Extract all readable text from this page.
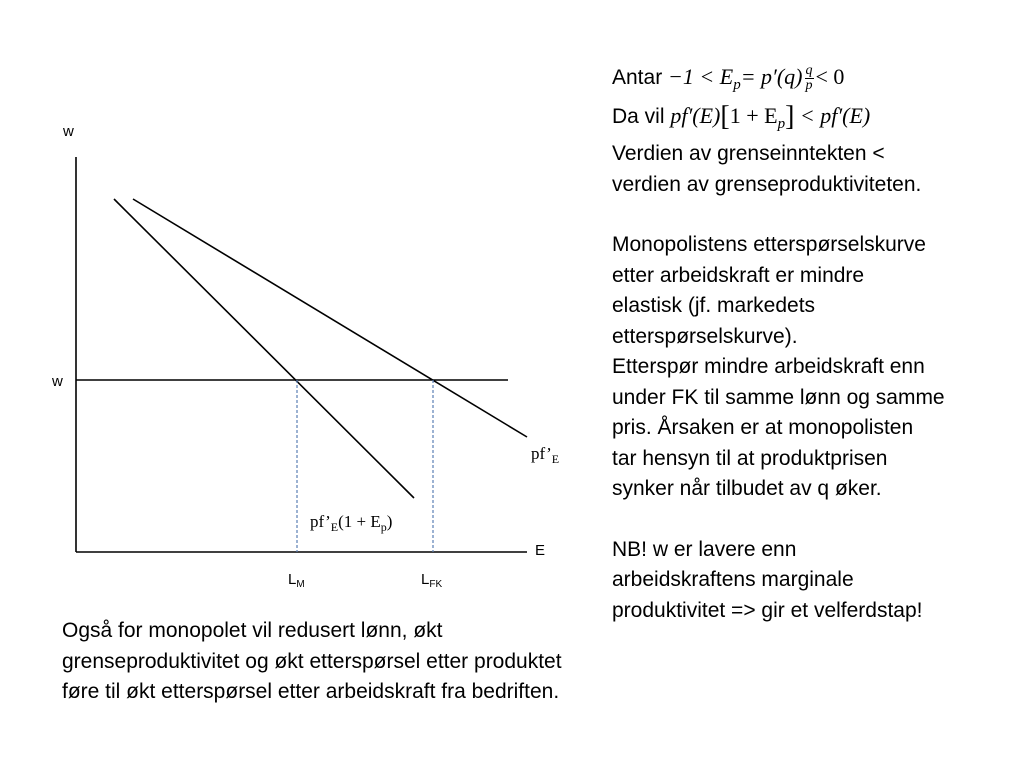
w
w
E
$pf’_E$
$pf’_E(1 + E_p)$
$L_M$	$L_{FK}$
Antar $-1 < E_p= p'(q) \frac{q}{p} < 0$
Da vil $pf'(E)[1 + E_p] < pf'(E)$
Verdien av grenseinntekten <
verdien av grenseproduktiviteten.
Monopolistens etterspørselskurve
etter arbeidskraft er mindre
elastisk (jf. markedets
etterspørselskurve).
Etterspør mindre arbeidskraft enn
under FK til samme lønn og samme
pris. Årsaken er at monopolisten
tar hensyn til at produktprisen
synker når tilbudet av q øker.
NB! w er lavere enn
arbeidskraftens marginale
produktivitet => gir et velferdstap!
Også for monopolet vil redusert lønn, økt
grenseproduktivitet og økt etterspørsel etter produktet
føre til økt etterspørsel etter arbeidskraft fra bedriften.
